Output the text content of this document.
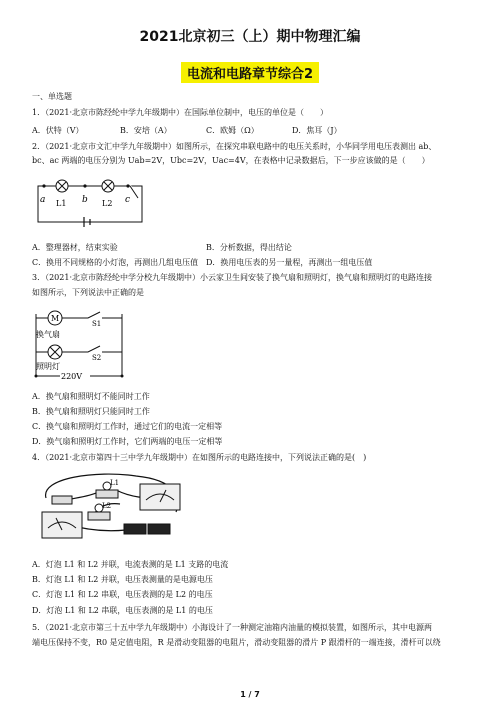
2021北京初三（上）期中物理汇编
电流和电路章节综合2
一、单选题
1．（2021·北京市陈经纶中学九年级期中）在国际单位制中，电压的单位是（　　）
A．伏特（V）	B．安培（A）	C．欧姆（Ω）	D．焦耳（J）
2．（2021·北京市文汇中学九年级期中）如图所示，在探究串联电路中的电压关系时，小华同学用电压表测出 ab、
bc、ac 两端的电压分别为 Uab=2V，Ubc=2V，Uac=4V，在表格中记录数据后，下一步应该做的是（　　）
a L1 b L2 c
A．整理器材，结束实验	B．分析数据，得出结论
C．换用不同规格的小灯泡，再测出几组电压值 D．换用电压表的另一量程，再测出一组电压值
3．（2021·北京市陈经纶中学分校九年级期中）小云家卫生间安装了换气扇和照明灯，换气扇和照明灯的电路连接
如图所示，下列说法中正确的是
M
换气扇
S1
照明灯
S2
220V
A．换气扇和照明灯不能同时工作
B．换气扇和照明灯只能同时工作
C．换气扇和照明灯工作时，通过它们的电流一定相等
D．换气扇和照明灯工作时，它们两端的电压一定相等
4．（2021·北京市第四十三中学九年级期中）在如图所示的电路连接中，下列说法正确的是(　)
L1
L2
A．灯泡 L1 和 L2 并联，电流表测的是 L1 支路的电流
B．灯泡 L1 和 L2 并联，电压表测量的是电源电压
C．灯泡 L1 和 L2 串联，电压表测的是 L2 的电压
D．灯泡 L1 和 L2 串联，电压表测的是 L1 的电压
5．（2021·北京市第三十五中学九年级期中）小海设计了一种测定油箱内油量的模拟装置，如图所示，其中电源两
端电压保持不变，R0 是定值电阻，R 是滑动变阻器的电阻片，滑动变阻器的滑片 P 跟滑杆的一端连接，滑杆可以绕
1 / 7
